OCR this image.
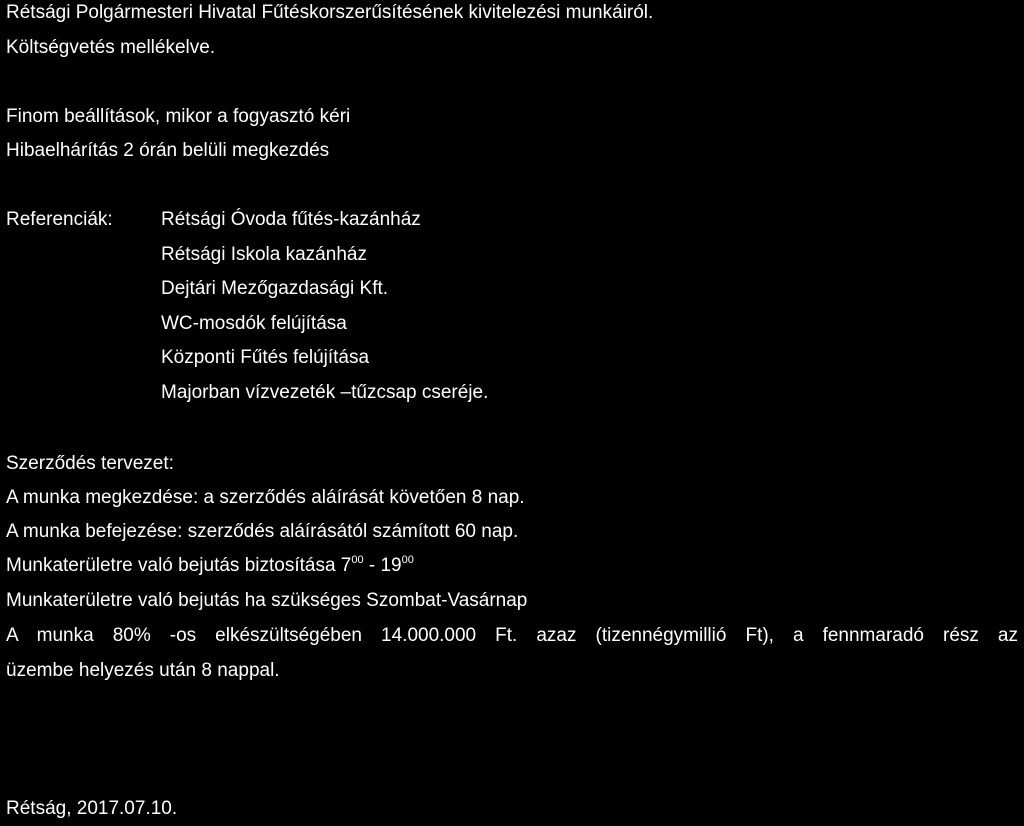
Rétsági Polgármesteri Hivatal Fűtéskorszerűsítésének kivitelezési munkáiról.
Költségvetés mellékelve.
Finom beállítások, mikor a fogyasztó kéri
Hibaelhárítás 2 órán belüli megkezdés
Referenciák:	Rétsági Óvoda fűtés-kazánház
Rétsági Iskola kazánház
Dejtári Mezőgazdasági Kft.
WC-mosdók felújítása
Központi Fűtés felújítása
Majorban vízvezeték –tűzcsap cseréje.
Szerződés tervezet:
A munka megkezdése: a szerződés aláírását követően 8 nap.
A munka befejezése: szerződés aláírásától számított 60 nap.
Munkaterületre való bejutás biztosítása $7^{00} - 19^{00}$
Munkaterületre való bejutás ha szükséges Szombat-Vasárnap
A munka 80% -os elkészültségében 14.000.000 Ft. azaz (tizennégymillió Ft), a fennmaradó rész az
üzembe helyezés után 8 nappal.
Rétság, 2017.07.10.
